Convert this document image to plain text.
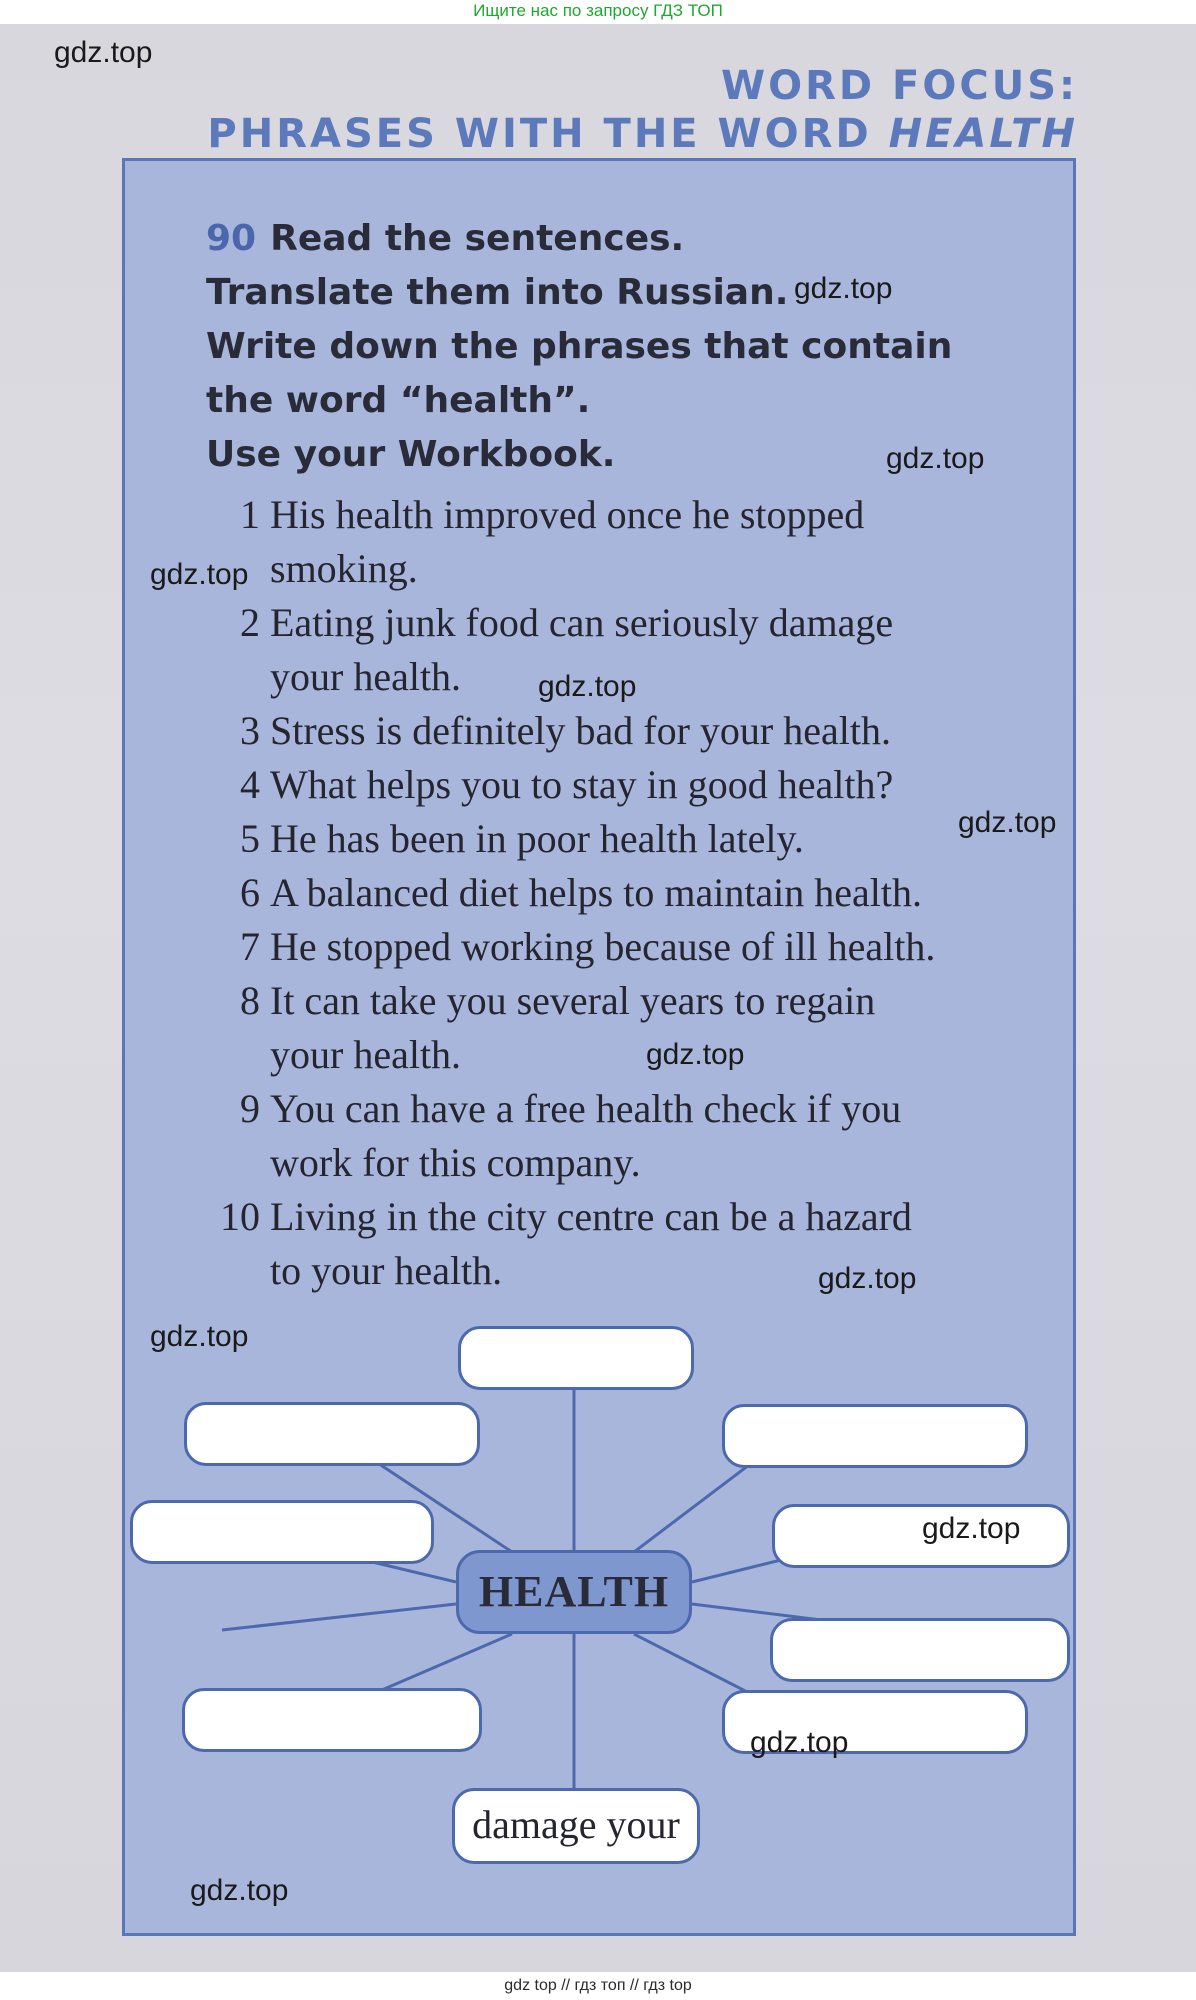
Ищите нас по запросу ГДЗ ТОП
WORD FOCUS:
PHRASES WITH THE WORD HEALTH
90 Read the sentences.
Translate them into Russian.
Write down the phrases that contain
the word “health”.
Use your Workbook.
1 His health improved once he stopped
smoking.
2 Eating junk food can seriously damage
your health.
3 Stress is definitely bad for your health.
4 What helps you to stay in good health?
5 He has been in poor health lately.
6 A balanced diet helps to maintain health.
7 He stopped working because of ill health.
8 It can take you several years to regain
your health.
9 You can have a free health check if you
work for this company.
10 Living in the city centre can be a hazard
to your health.
HEALTH
damage your
gdz.top
gdz.top
gdz.top
gdz.top
gdz.top
gdz.top
gdz.top
gdz.top
gdz.top
gdz.top
gdz.top
gdz.top
gdz top // гдз топ // гдз top
